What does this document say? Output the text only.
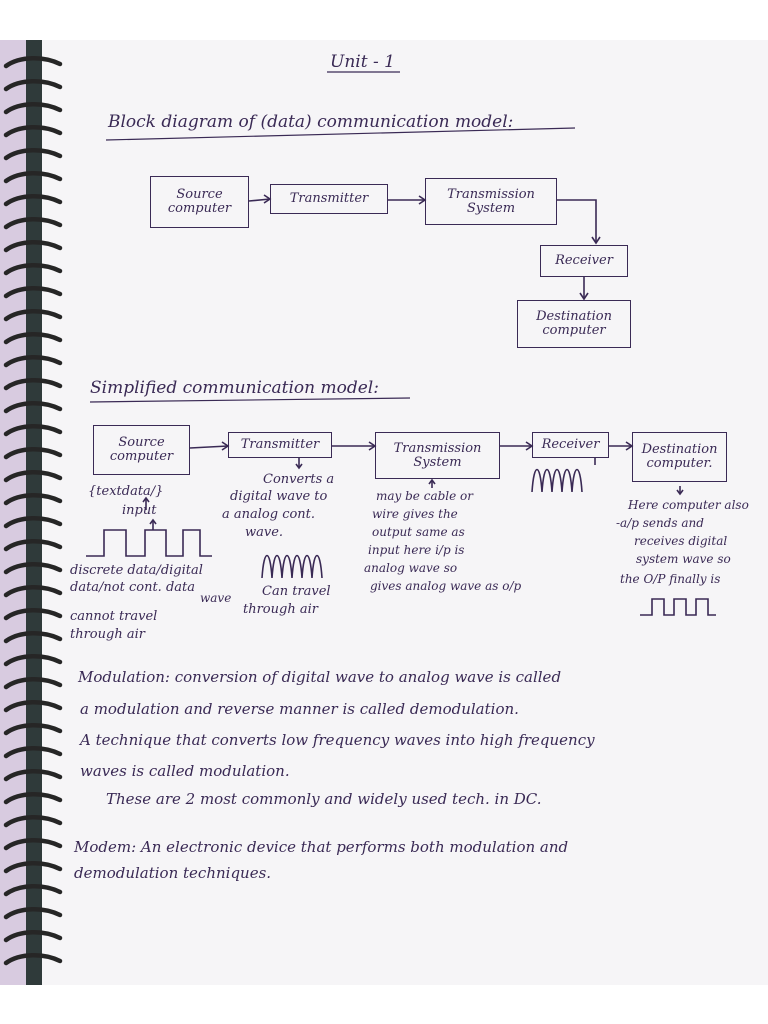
Unit - 1
Block diagram of (data) communication model:
Source
computer
Transmitter	Transmission
System
Receiver
Destination
computer
Simplified communication model:
Source
computer
Transmitter	Transmission
System
Receiver	Destination
computer.
{textdata/}
input
discrete data/digital
data/not cont. data
wave
cannot travel
through air
Converts a
digital wave to
a analog cont.
wave.
Can travel
through air
may be cable or
wire gives the
output same as
input here i/p is
analog wave so
gives analog wave as o/p
Here computer also
-a/p sends and
receives digital
system wave so
the O/P finally is
Modulation: conversion of digital wave to analog wave is called
a modulation and reverse manner is called demodulation.
A technique that converts low frequency waves into high frequency
waves is called modulation.
These are 2 most commonly and widely used tech. in DC.
Modem: An electronic device that performs both modulation and
demodulation techniques.
